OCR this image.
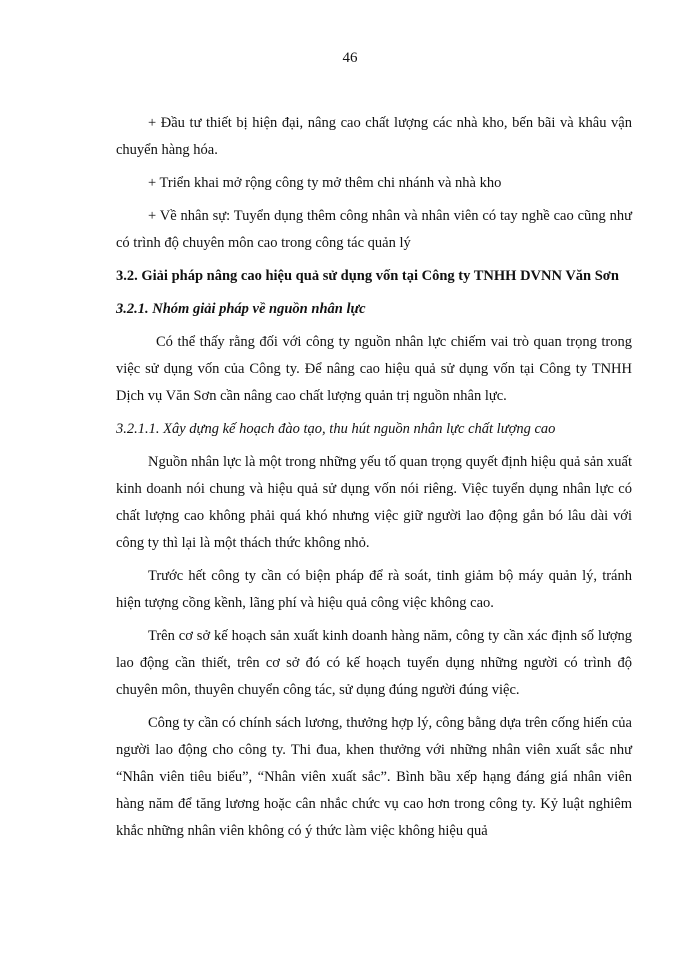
46

+ Đầu tư thiết bị hiện đại, nâng cao chất lượng các nhà kho, bến bãi và khâu vận chuyển hàng hóa.

+ Triển khai mở rộng công ty mở thêm chi nhánh và nhà kho

+ Về nhân sự: Tuyển dụng thêm công nhân và nhân viên có tay nghề cao cũng như có trình độ chuyên môn cao trong công tác quản lý

3.2. Giải pháp nâng cao hiệu quả sử dụng vốn tại Công ty TNHH DVNN Văn Sơn

3.2.1. Nhóm giải pháp về nguồn nhân lực

Có thể thấy rằng đối với công ty nguồn nhân lực chiếm vai trò quan trọng trong việc sử dụng vốn của Công ty. Để nâng cao hiệu quả sử dụng vốn tại Công ty TNHH Dịch vụ Văn Sơn cần nâng cao chất lượng quản trị nguồn nhân lực.

3.2.1.1. Xây dựng kế hoạch đào tạo, thu hút nguồn nhân lực chất lượng cao

Nguồn nhân lực là một trong những yếu tố quan trọng quyết định hiệu quả sản xuất kinh doanh nói chung và hiệu quả sử dụng vốn nói riêng. Việc tuyển dụng nhân lực có chất lượng cao không phải quá khó nhưng việc giữ người lao động gắn bó lâu dài với công ty thì lại là một thách thức không nhỏ.

Trước hết công ty cần có biện pháp để rà soát, tinh giảm bộ máy quản lý, tránh hiện tượng cồng kềnh, lãng phí và hiệu quả công việc không cao.

Trên cơ sở kế hoạch sản xuất kinh doanh hàng năm, công ty cần xác định số lượng lao động cần thiết, trên cơ sở đó có kế hoạch tuyển dụng những người có trình độ chuyên môn, thuyên chuyển công tác, sử dụng đúng người đúng việc.

Công ty cần có chính sách lương, thưởng hợp lý, công bằng dựa trên cống hiến của người lao động cho công ty. Thi đua, khen thưởng với những nhân viên xuất sắc như “Nhân viên tiêu biểu”, “Nhân viên xuất sắc”. Bình bầu xếp hạng đáng giá nhân viên hàng năm để tăng lương hoặc cân nhắc chức vụ cao hơn trong công ty. Kỷ luật nghiêm khắc những nhân viên không có ý thức làm việc không hiệu quả
